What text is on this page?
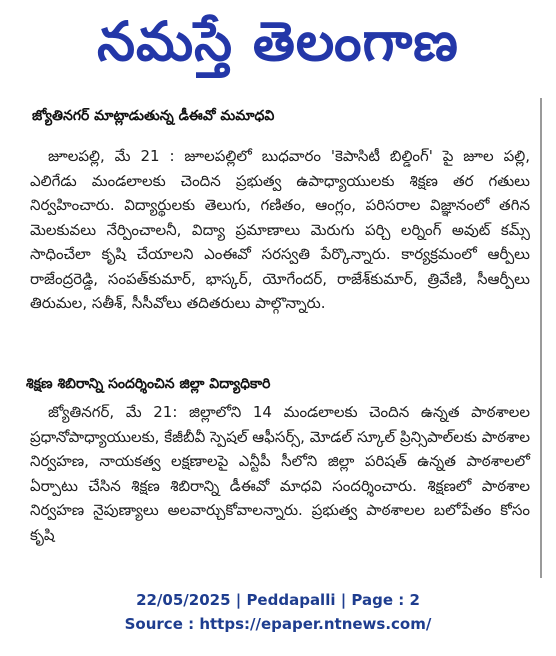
నమస్తే తెలంగాణ

జ్యోతినగర్ మాట్లాడుతున్న డీఈవో మమాధవి

జూలపల్లి, మే 21 : జూలపల్లిలో బుధవారం 'కెపాసిటీ బిల్డింగ్' పై జూల పల్లి, ఎలిగేడు మండలాలకు చెందిన ప్రభుత్వ ఉపాధ్యాయులకు శిక్షణ తర గతులు నిర్వహించారు. విద్యార్థులకు తెలుగు, గణితం, ఆంగ్లం, పరిసరాల విజ్ఞానంలో తగిన మెలకువలు నేర్పించాలనీ, విద్యా ప్రమాణాలు మెరుగు పర్చి లర్నింగ్ అవుట్ కమ్స్ సాధించేలా కృషి చేయాలని ఎంఈవో సరస్వతి పేర్కొన్నారు. కార్యక్రమంలో ఆర్పీలు రాజేంద్రరెడ్డి, సంపత్‌కుమార్, భాస్కర్, యోగేందర్, రాజేశ్‌కుమార్, త్రివేణి, సీఆర్పీలు తిరుమల, సతీశ్, సీసీవోలు తదితరులు పాల్గొన్నారు.

శిక్షణ శిబిరాన్ని సందర్శించిన జిల్లా విద్యాధికారి

జ్యోతినగర్, మే 21: జిల్లాలోని 14 మండలాలకు చెందిన ఉన్నత పాఠశాలల ప్రధానోపాధ్యాయులకు, కేజీబీవీ స్పెషల్ ఆఫీసర్స్, మోడల్ స్కూల్ ప్రిన్సిపాల్‌లకు పాఠశాల నిర్వహణ, నాయకత్వ లక్షణాలపై ఎన్టీపీ సీలోని జిల్లా పరిషత్ ఉన్నత పాఠశాలలో ఏర్పాటు చేసిన శిక్షణ శిబిరాన్ని డీఈవో మాధవి సందర్శించారు. శిక్షణలో పాఠశాల నిర్వహణ నైపుణ్యాలు అలవార్చుకోవాలన్నారు. ప్రభుత్వ పాఠశాలల బలోపేతం కోసం కృషి

22/05/2025 | Peddapalli | Page : 2
Source : https://epaper.ntnews.com/
